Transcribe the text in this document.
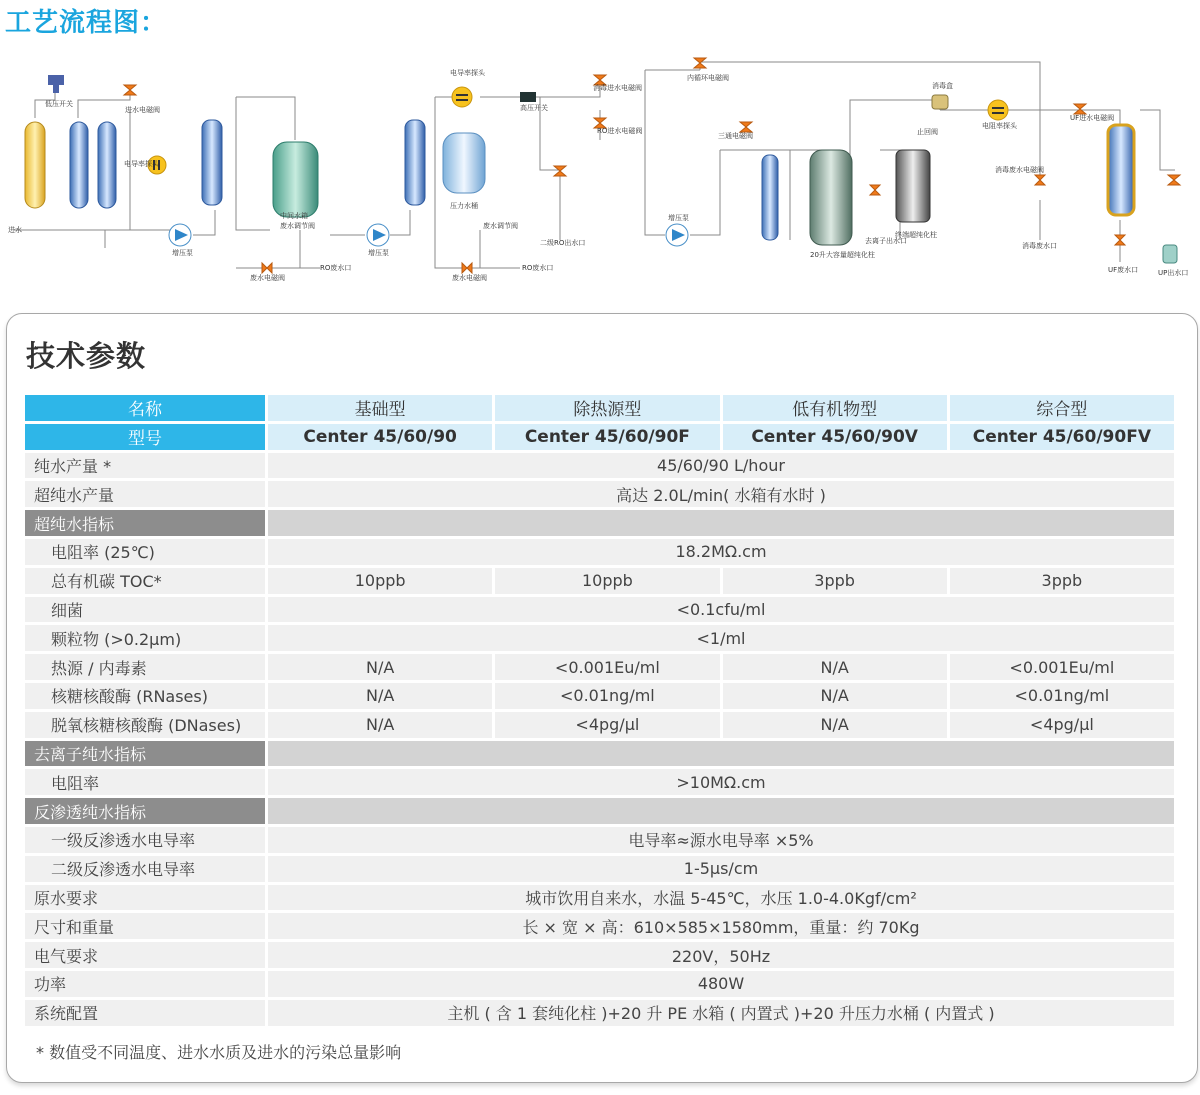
工艺流程图：
低压开关
进水电磁阀
电导率探头
进水
增压泵
中间水箱
废水调节阀
废水电磁阀
RO废水口
增压泵
电导率探头
压力水桶
废水调节阀
废水电磁阀
RO废水口
高压开关
消毒进水电磁阀
RO进水电磁阀
二级RO出水口
内循环电磁阀
三通电磁阀
增压泵
20升大容量超纯化柱
去离子出水口
终端超纯化柱
消毒盒
止回阀
电阻率探头
消毒废水电磁阀
消毒废水口
UF进水电磁阀
UF废水口	UP出水口
技术参数
名称	基础型	除热源型	低有机物型	综合型
型号	Center 45/60/90	Center 45/60/90F	Center 45/60/90V	Center 45/60/90FV
纯水产量 *	45/60/90 L/hour			
超纯水产量	高达 2.0L/min( 水箱有水时 )			
超纯水指标				
电阻率 (25℃)	18.2MΩ.cm			
总有机碳 TOC*	10ppb	10ppb	3ppb	3ppb
细菌	<0.1cfu/ml			
颗粒物 (>0.2μm)	<1/ml			
热源 / 内毒素	N/A	<0.001Eu/ml	N/A	<0.001Eu/ml
核糖核酸酶 (RNases)	N/A	<0.01ng/ml	N/A	<0.01ng/ml
脱氧核糖核酸酶 (DNases)	N/A	<4pg/μl	N/A	<4pg/μl
去离子纯水指标				
电阻率	>10MΩ.cm			
反渗透纯水指标				
一级反渗透水电导率	电导率≈源水电导率 ×5%			
二级反渗透水电导率	1-5μs/cm			
原水要求	城市饮用自来水，水温 5-45℃，水压 1.0-4.0Kgf/cm²			
尺寸和重量	长 × 宽 × 高：610×585×1580mm，重量：约 70Kg			
电气要求	220V，50Hz			
功率	480W			
系统配置	主机 ( 含 1 套纯化柱 )+20 升 PE 水箱 ( 内置式 )+20 升压力水桶 ( 内置式 )			
* 数值受不同温度、进水水质及进水的污染总量影响
